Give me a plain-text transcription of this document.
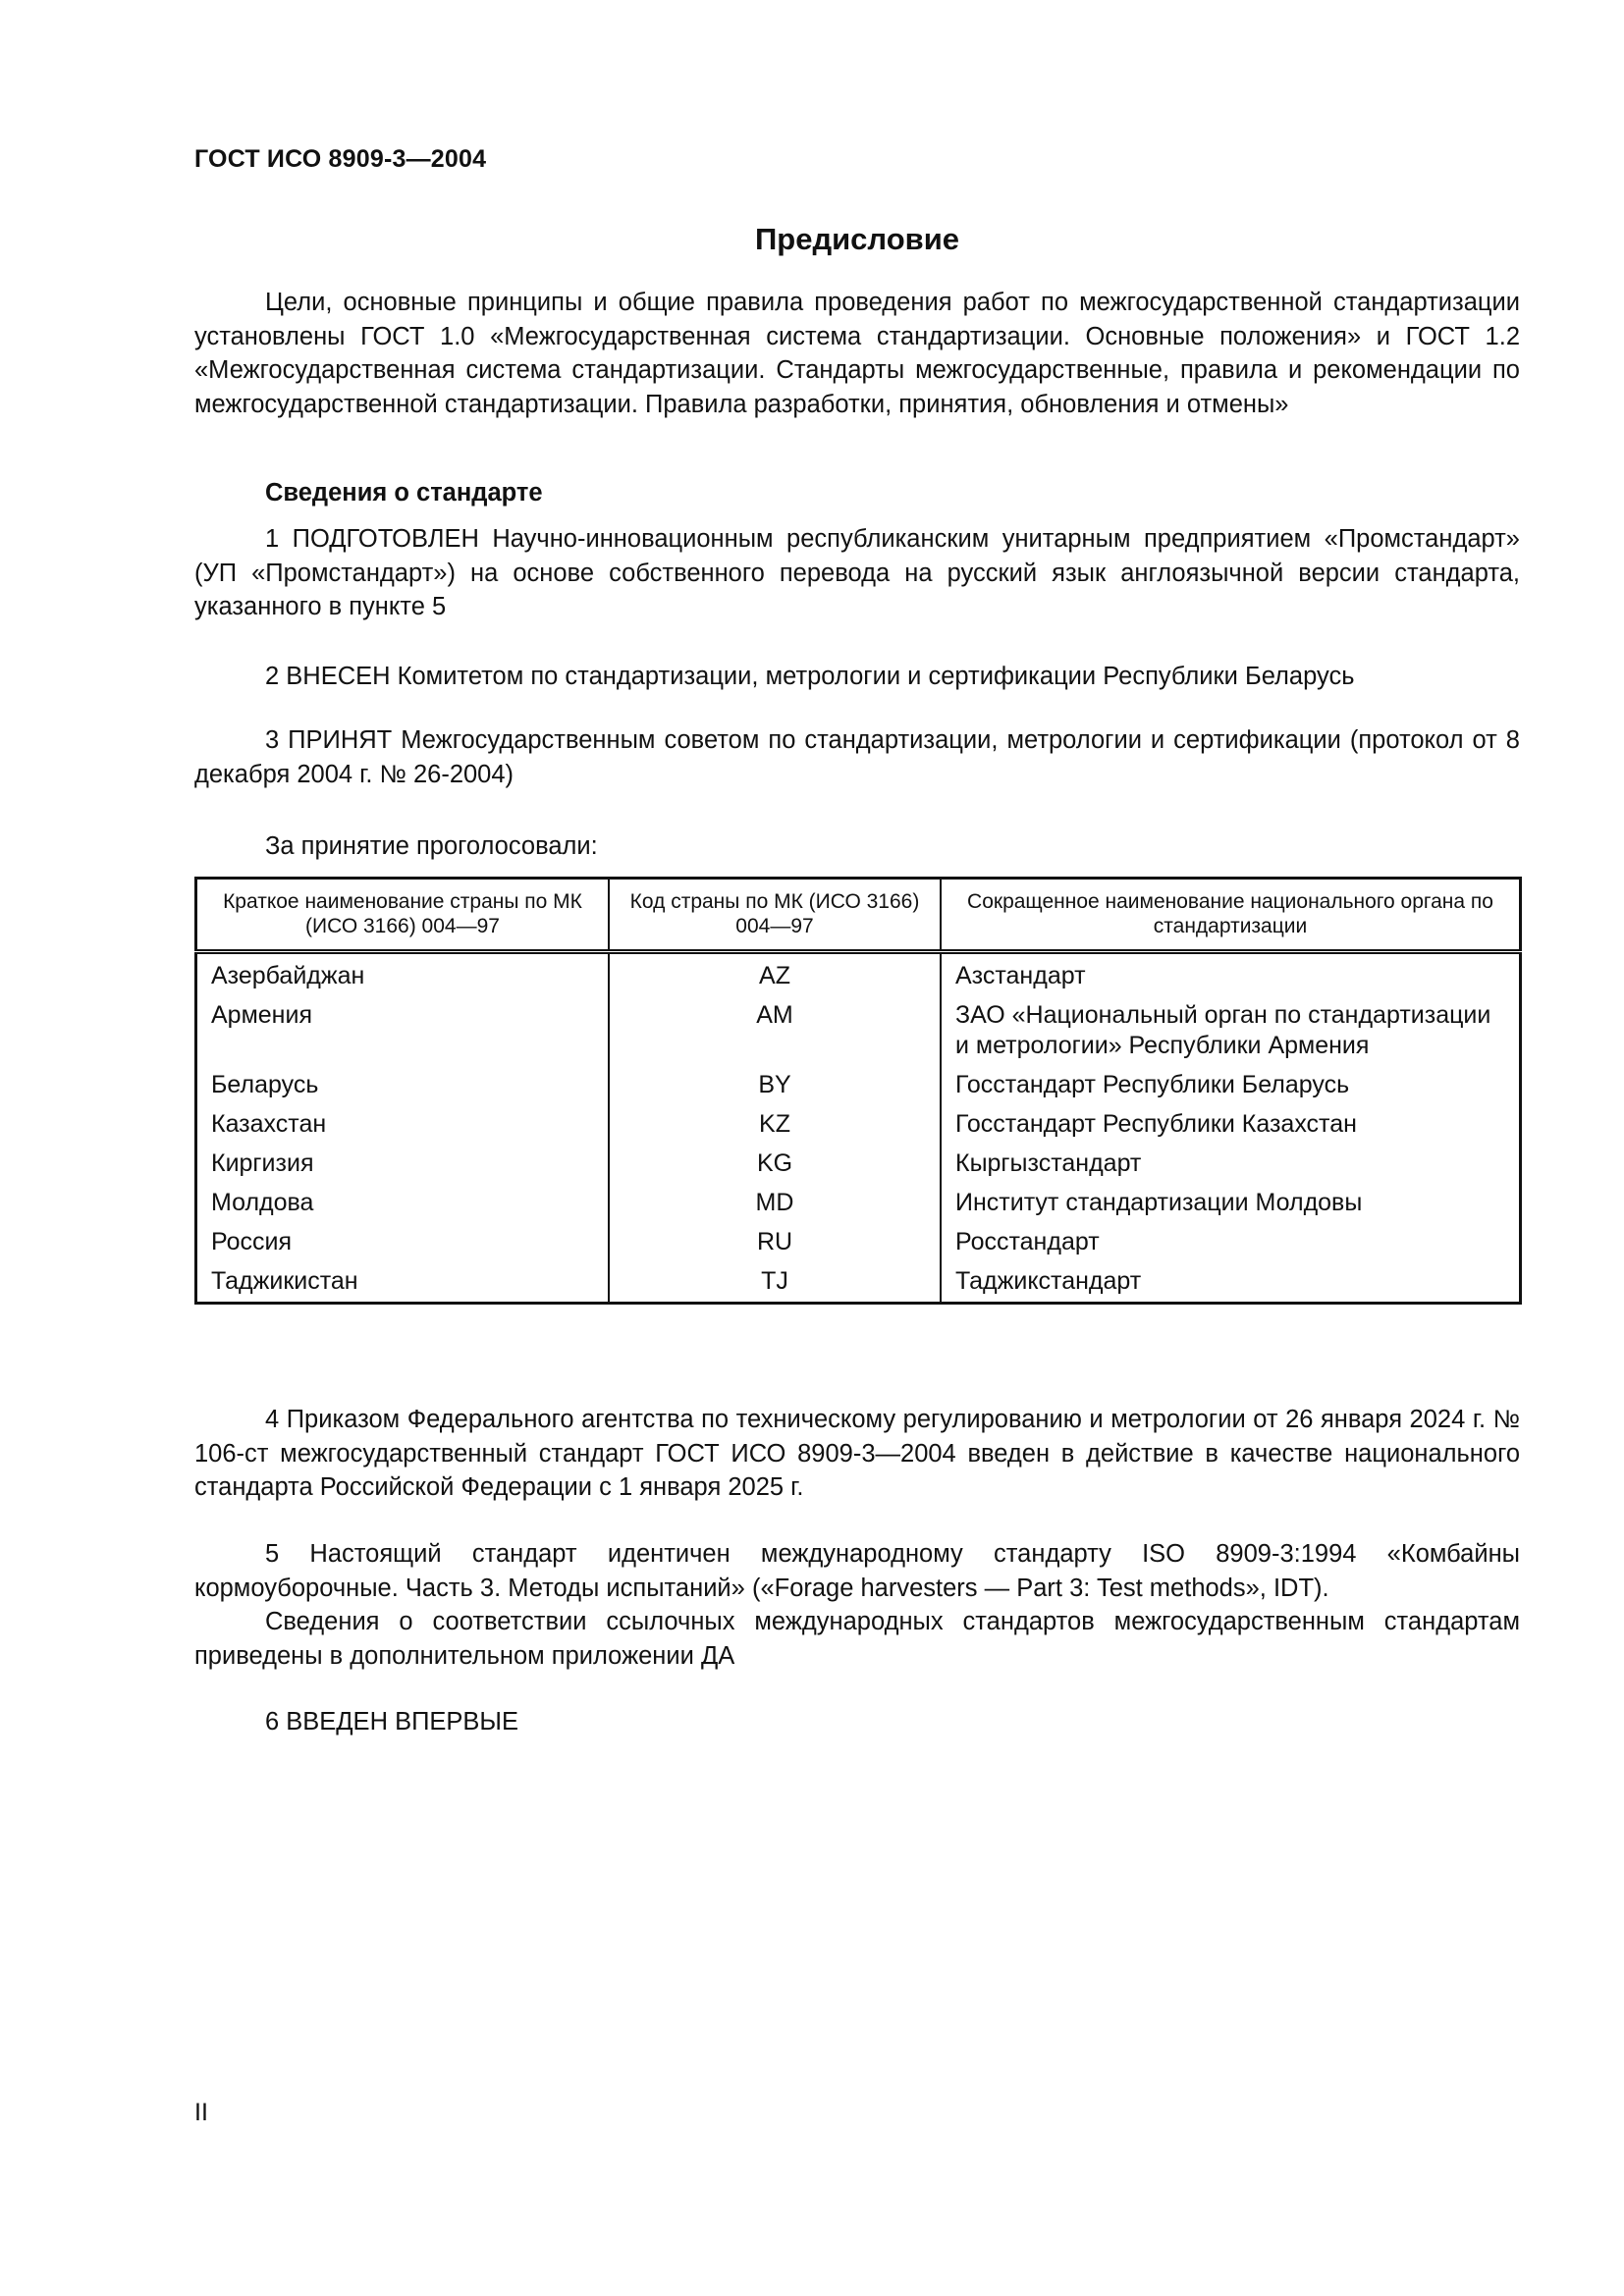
ГОСТ ИСО 8909-3—2004
Предисловие
Цели, основные принципы и общие правила проведения работ по межгосударственной стандартизации установлены ГОСТ 1.0 «Межгосударственная система стандартизации. Основные положения» и ГОСТ 1.2 «Межгосударственная система стандартизации. Стандарты межгосударственные, правила и рекомендации по межгосударственной стандартизации. Правила разработки, принятия, обновления и отмены»
Сведения о стандарте
1 ПОДГОТОВЛЕН Научно-инновационным республиканским унитарным предприятием «Промстандарт» (УП «Промстандарт») на основе собственного перевода на русский язык англоязычной версии стандарта, указанного в пункте 5
2 ВНЕСЕН Комитетом по стандартизации, метрологии и сертификации Республики Беларусь
3 ПРИНЯТ Межгосударственным советом по стандартизации, метрологии и сертификации (протокол от 8 декабря 2004 г. № 26-2004)
За принятие проголосовали:
Краткое наименование страны по МК (ИСО 3166) 004—97	Код страны по МК (ИСО 3166) 004—97	Сокращенное наименование национального органа по стандартизации
Азербайджан	AZ	Азстандарт
Армения	AM	ЗАО «Национальный орган по стандартизации и метрологии» Республики Армения
Беларусь	BY	Госстандарт Республики Беларусь
Казахстан	KZ	Госстандарт Республики Казахстан
Киргизия	KG	Кыргызстандарт
Молдова	MD	Институт стандартизации Молдовы
Россия	RU	Росстандарт
Таджикистан	TJ	Таджикстандарт
4 Приказом Федерального агентства по техническому регулированию и метрологии от 26 января 2024 г. № 106-ст межгосударственный стандарт ГОСТ ИСО 8909-3—2004 введен в действие в качестве национального стандарта Российской Федерации с 1 января 2025 г.
5 Настоящий стандарт идентичен международному стандарту ISO 8909-3:1994 «Комбайны кормоуборочные. Часть 3. Методы испытаний» («Forage harvesters — Part 3: Test methods», IDT).
Сведения о соответствии ссылочных международных стандартов межгосударственным стандартам приведены в дополнительном приложении ДА
6 ВВЕДЕН ВПЕРВЫЕ
II
